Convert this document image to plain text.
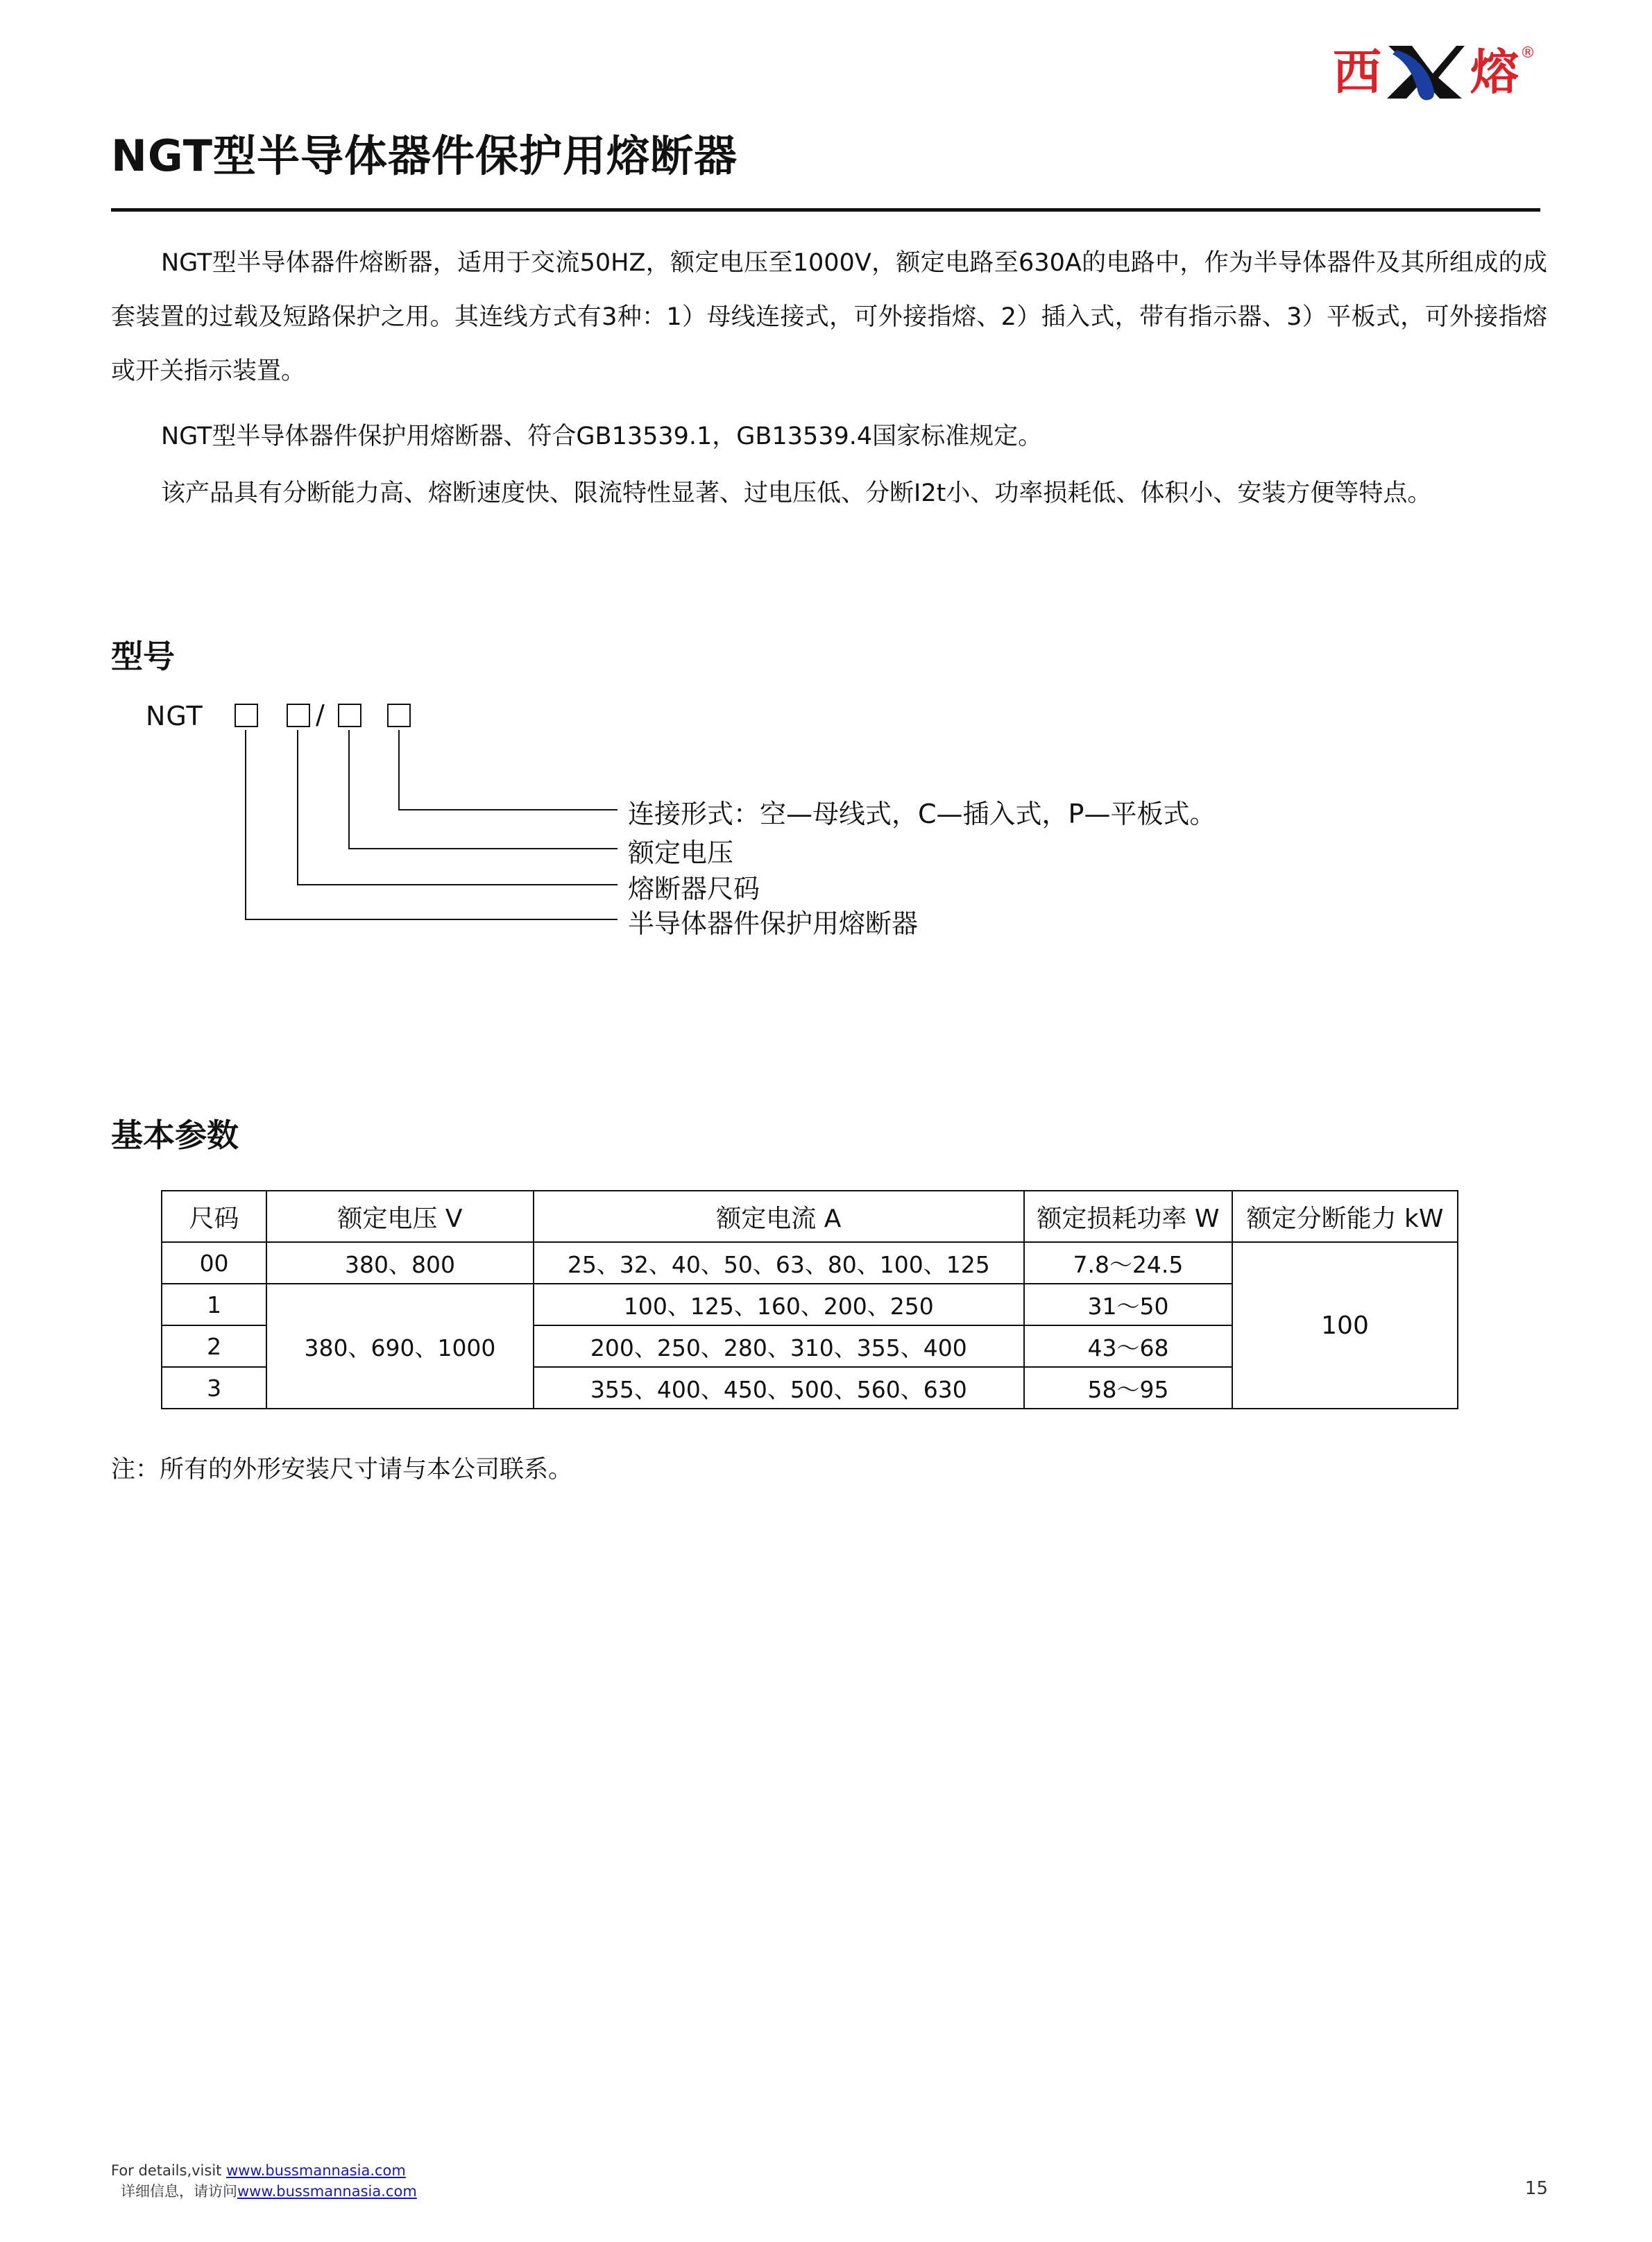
西 熔 ®
NGT型半导体器件保护用熔断器
NGT型半导体器件熔断器，适用于交流50HZ，额定电压至1000V，额定电路至630A的电路中，作为半导体器件及其所组成的成套装置的过载及短路保护之用。其连线方式有3种：1）母线连接式，可外接指熔、2）插入式，带有指示器、3）平板式，可外接指熔或开关指示装置。
NGT型半导体器件保护用熔断器、符合GB13539.1，GB13539.4国家标准规定。
该产品具有分断能力高、熔断速度快、限流特性显著、过电压低、分断I2t小、功率损耗低、体积小、安装方便等特点。
型号
NGT	/
连接形式：空—母线式，C—插入式，P—平板式。
额定电压
熔断器尺码
半导体器件保护用熔断器
基本参数
尺码	额定电压 V	额定电流 A	额定损耗功率 W	额定分断能力 kW
00	380、800	25、32、40、50、63、80、100、125	7.8～24.5	100
1	380、690、1000	100、125、160、200、250	31～50	
2		200、250、280、310、355、400	43～68	
3		355、400、450、500、560、630	58～95	
注：所有的外形安装尺寸请与本公司联系。
For details,visit www.bussmannasia.com
详细信息，请访问www.bussmannasia.com	15
